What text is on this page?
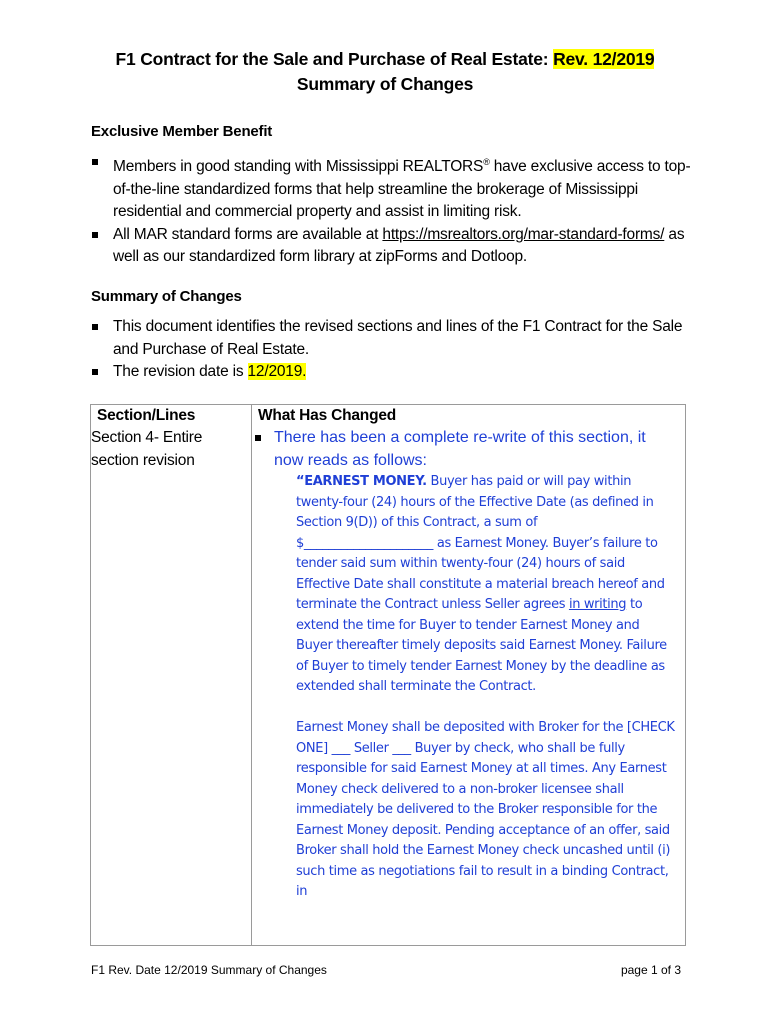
F1 Contract for the Sale and Purchase of Real Estate: Rev. 12/2019
Summary of Changes
Exclusive Member Benefit
Members in good standing with Mississippi REALTORS® have exclusive access to top-of-the-line standardized forms that help streamline the brokerage of Mississippi residential and commercial property and assist in limiting risk.
All MAR standard forms are available at https://msrealtors.org/mar-standard-forms/ as well as our standardized form library at zipForms and Dotloop.
Summary of Changes
This document identifies the revised sections and lines of the F1 Contract for the Sale and Purchase of Real Estate.
The revision date is 12/2019.
Section/Lines	What Has Changed
Section 4- Entire section revision	There has been a complete re-write of this section, it now reads as follows:

“EARNEST MONEY. Buyer has paid or will pay within twenty-four (24) hours of the Effective Date (as defined in Section 9(D)) of this Contract, a sum of $_____________________ as Earnest Money. Buyer’s failure to tender said sum within twenty-four (24) hours of said Effective Date shall constitute a material breach hereof and terminate the Contract unless Seller agrees in writing to extend the time for Buyer to tender Earnest Money and Buyer thereafter timely deposits said Earnest Money. Failure of Buyer to timely tender Earnest Money by the deadline as extended shall terminate the Contract.

Earnest Money shall be deposited with Broker for the [CHECK ONE] ___ Seller ___ Buyer by check, who shall be fully responsible for said Earnest Money at all times. Any Earnest Money check delivered to a non-broker licensee shall immediately be delivered to the Broker responsible for the Earnest Money deposit. Pending acceptance of an offer, said Broker shall hold the Earnest Money check uncashed until (i) such time as negotiations fail to result in a binding Contract, in

F1 Rev. Date 12/2019 Summary of Changes	page 1 of 3
